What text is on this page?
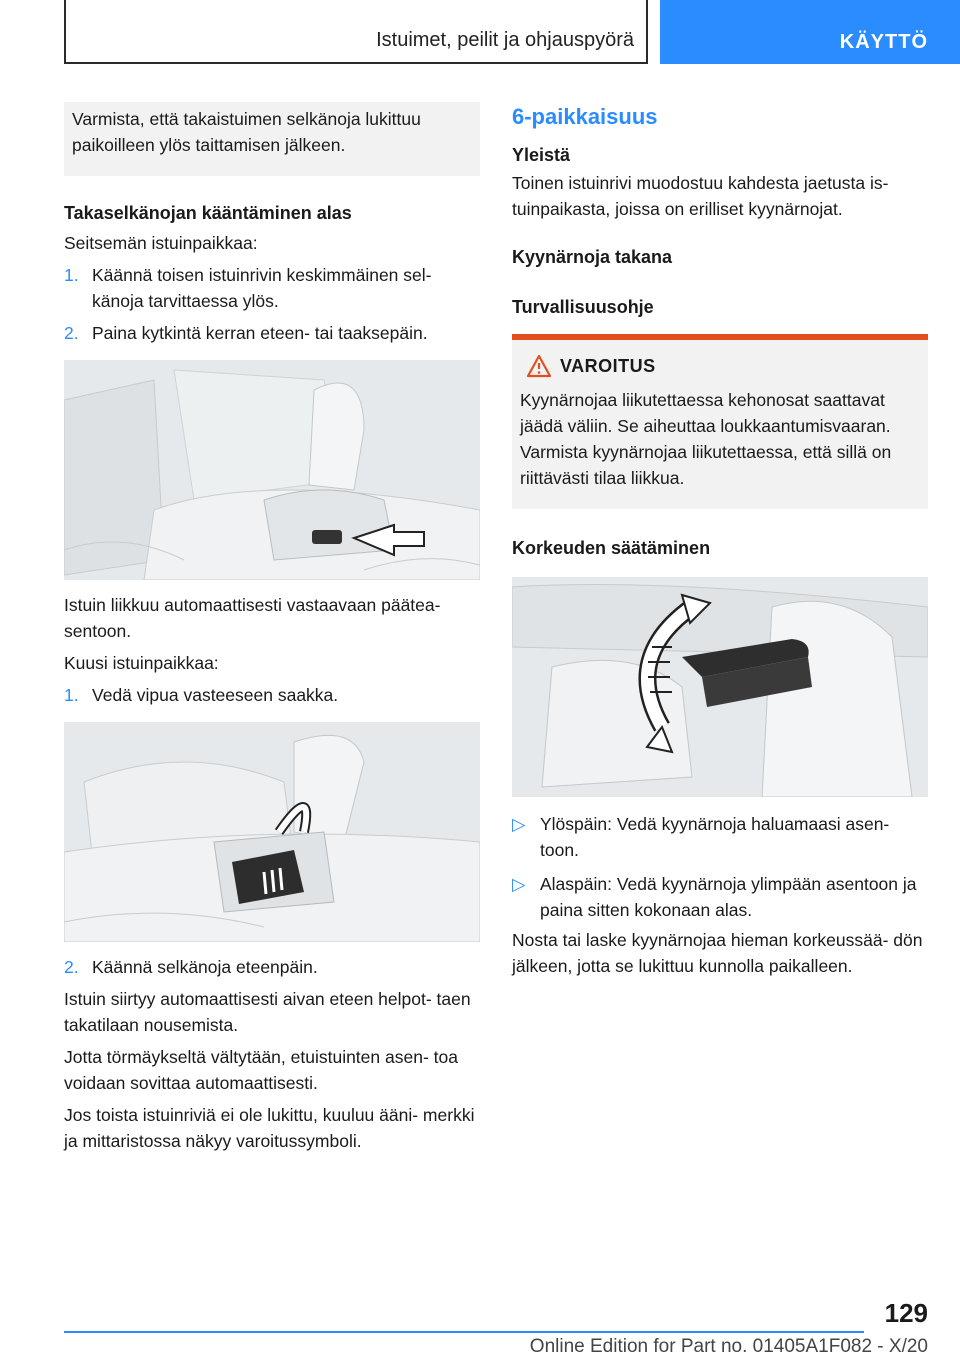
Istuimet, peilit ja ohjauspyörä	KÄYTTÖ

Varmista, että takaistuimen selkänoja lukittuu paikoilleen ylös taittamisen jälkeen.

Takaselkänojan kääntäminen alas

Seitsemän istuinpaikkaa:

1. Käännä toisen istuinrivin keskimmäinen sel‐ känoja tarvittaessa ylös.
2. Paina kytkintä kerran eteen- tai taaksepäin.

Istuin liikkuu automaattisesti vastaavaan päätea‐ sentoon.

Kuusi istuinpaikkaa:

1. Vedä vipua vasteeseen saakka.
2. Käännä selkänoja eteenpäin.

Istuin siirtyy automaattisesti aivan eteen helpot‐ taen takatilaan nousemista.

Jotta törmäykseltä vältytään, etuistuinten asen‐ toa voidaan sovittaa automaattisesti.

Jos toista istuinriviä ei ole lukittu, kuuluu ääni‐ merkki ja mittaristossa näkyy varoitussymboli.

6-paikkaisuus
Yleistä

Toinen istuinrivi muodostuu kahdesta jaetusta is‐ tuinpaikasta, joissa on erilliset kyynärnojat.

Kyynärnoja takana
Turvallisuusohje
VAROITUS

Kyynärnojaa liikutettaessa kehonosat saattavat jäädä väliin. Se aiheuttaa loukkaantumisvaaran. Varmista kyynärnojaa liikutettaessa, että sillä on riittävästi tilaa liikkua.

Korkeuden säätäminen
▷ Ylöspäin: Vedä kyynärnoja haluamaasi asen‐ toon.
▷ Alaspäin: Vedä kyynärnoja ylimpään asentoon ja paina sitten kokonaan alas.

Nosta tai laske kyynärnojaa hieman korkeussää‐ dön jälkeen, jotta se lukittuu kunnolla paikalleen.

129
Online Edition for Part no. 01405A1F082 - X/20
